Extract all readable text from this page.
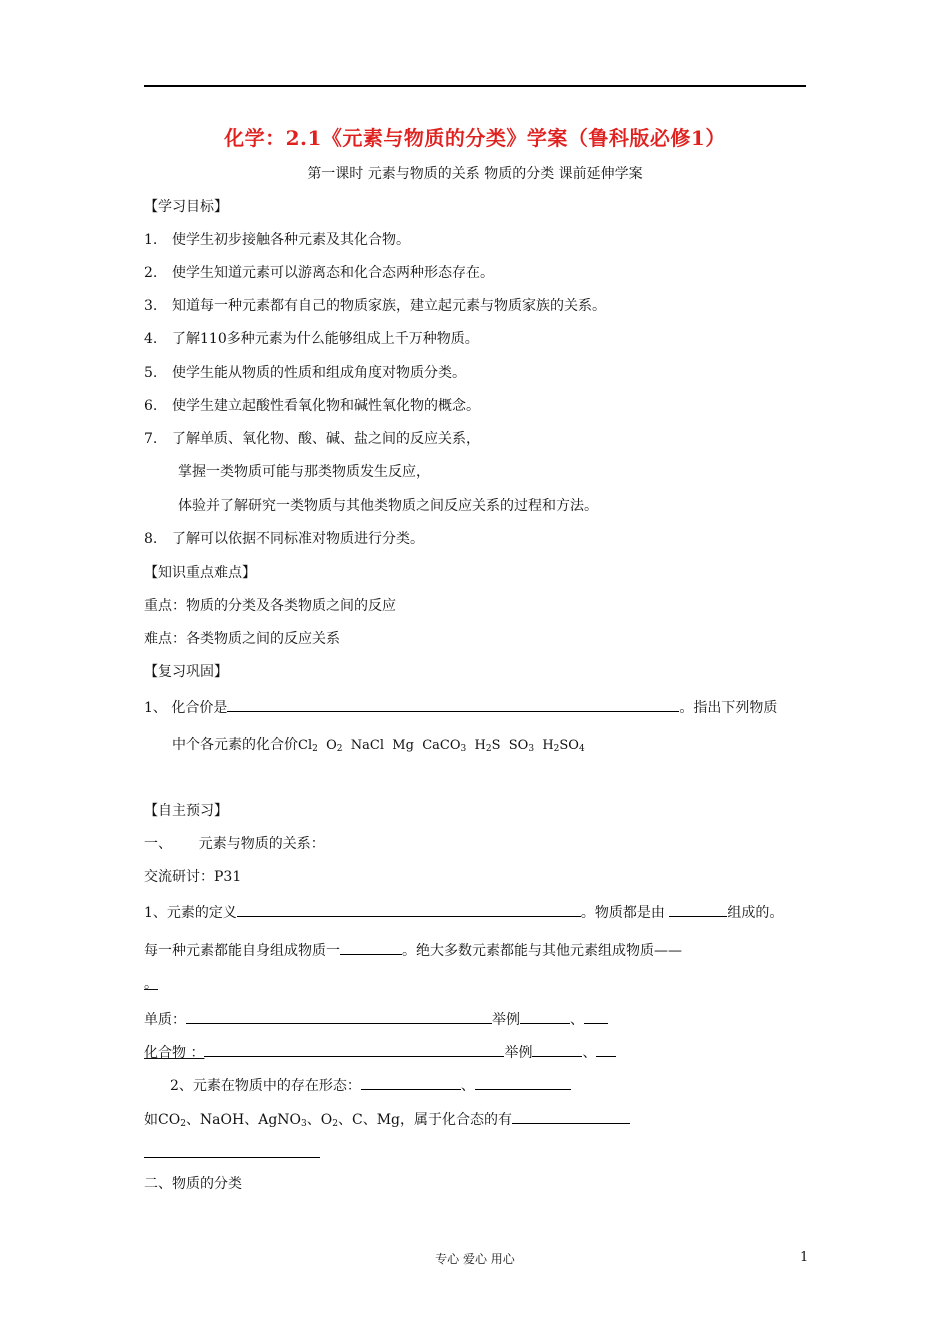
化学：2.1《元素与物质的分类》学案（鲁科版必修1）
第一课时 元素与物质的关系 物质的分类 课前延伸学案
【学习目标】
1. 使学生初步接触各种元素及其化合物。
2. 使学生知道元素可以游离态和化合态两种形态存在。
3. 知道每一种元素都有自己的物质家族，建立起元素与物质家族的关系。
4. 了解110多种元素为什么能够组成上千万种物质。
5. 使学生能从物质的性质和组成角度对物质分类。
6. 使学生建立起酸性看氧化物和碱性氧化物的概念。
7. 了解单质、氧化物、酸、碱、盐之间的反应关系，
掌握一类物质可能与那类物质发生反应，
体验并了解研究一类物质与其他类物质之间反应关系的过程和方法。
8. 了解可以依据不同标准对物质进行分类。
【知识重点难点】
重点：物质的分类及各类物质之间的反应
难点：各类物质之间的反应关系
【复习巩固】
1、 化合价是	。指出下列物质
中个各元素的化合价$Cl_2$ $O_2$ NaCl Mg CaCO$_3$ $H_2S$ $SO_3$ $H_2SO_4$
【自主预习】
一、      元素与物质的关系：
交流研讨：P31
1、元素的定义	。物质都是由	组成的。
每一种元素都能自身组成物质一	。绝大多数元素都能与其他元素组成物质——
。
单质：	举例	、
化合物 ：	举例	、
2、元素在物质中的存在形态：	、
如$CO_2$、NaOH、AgNO$_3$、$O_2$、C、Mg，属于化合态的有
二、物质的分类
专心 爱心 用心	1
